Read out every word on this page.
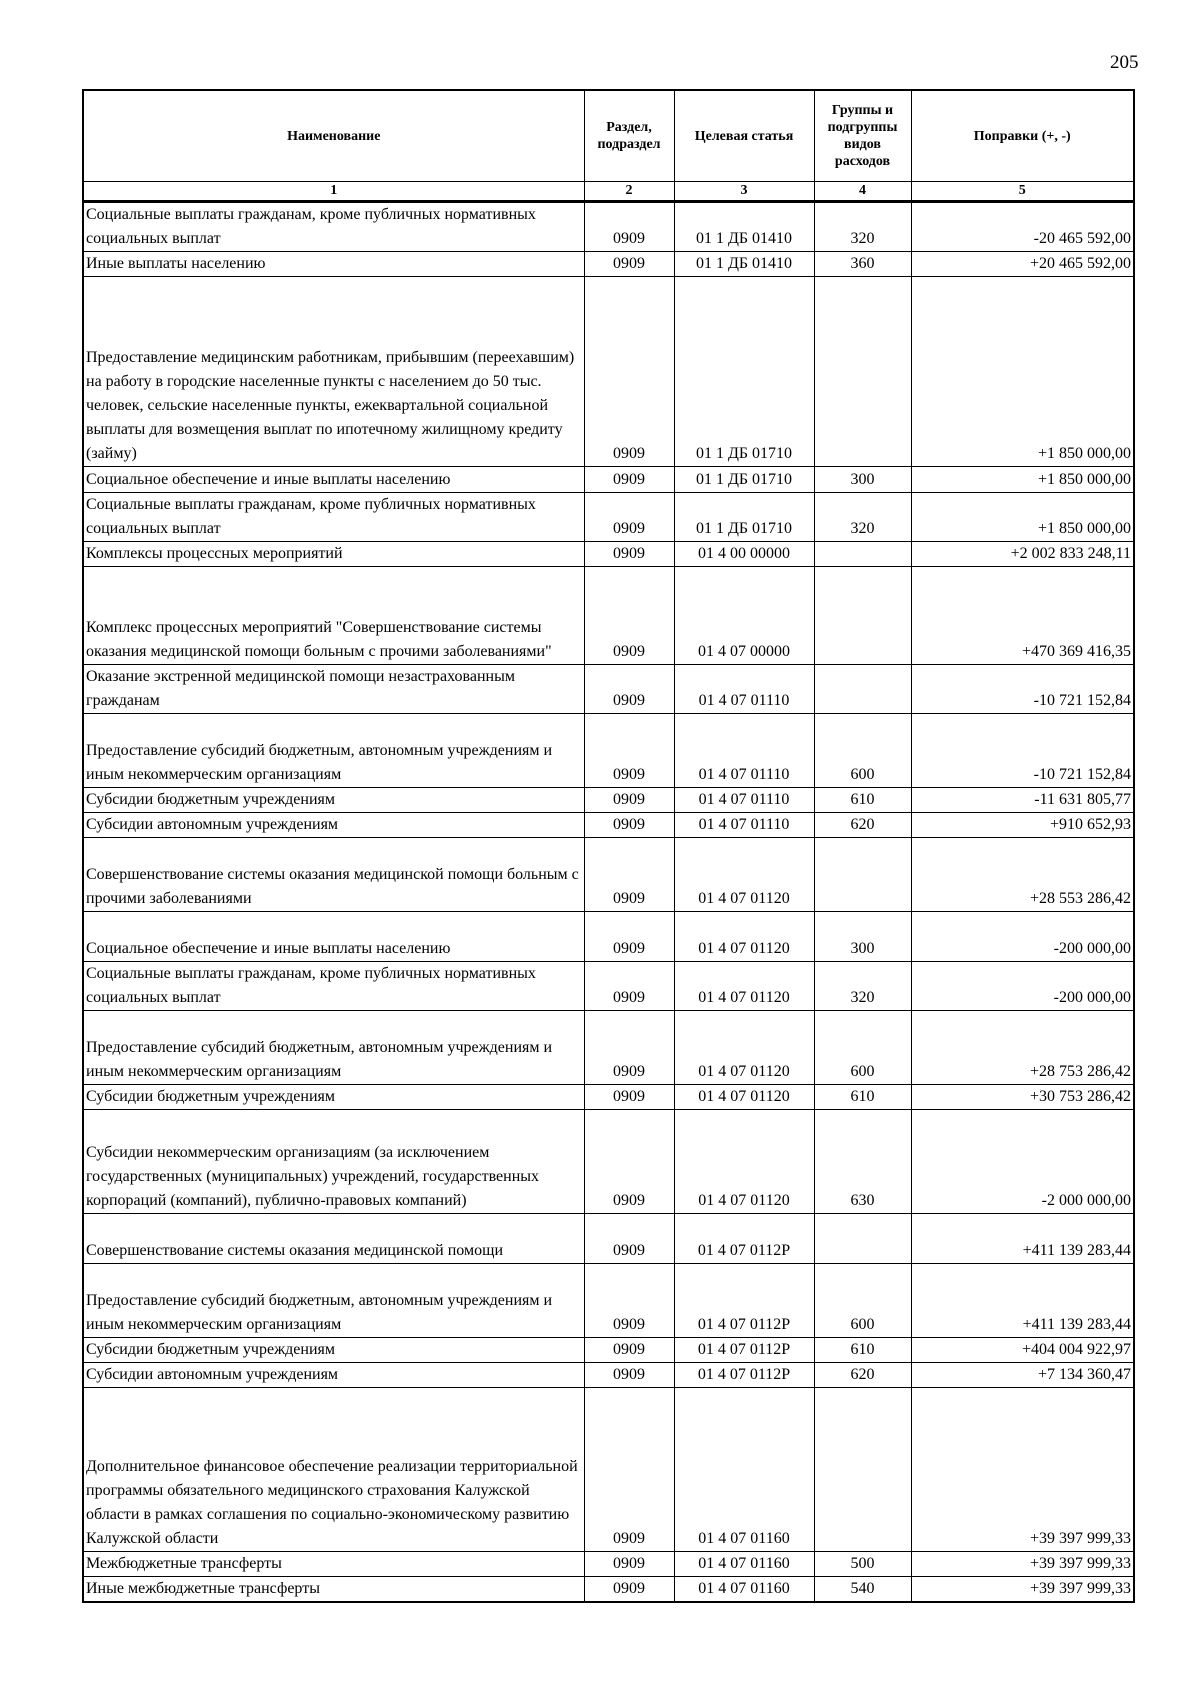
205
Наименование	Раздел, подраздел	Целевая статья	Группы и подгруппы видов расходов	Поправки (+, -)
1	2	3	4	5
Социальные выплаты гражданам, кроме публичных нормативных социальных выплат	0909	01 1 ДБ 01410	320	-20 465 592,00
Иные выплаты населению	0909	01 1 ДБ 01410	360	+20 465 592,00
Предоставление медицинским работникам, прибывшим (переехавшим) на работу в городские населенные пункты с населением до 50 тыс. человек, сельские населенные пункты, ежеквартальной социальной выплаты для возмещения выплат по ипотечному жилищному кредиту (займу)	0909	01 1 ДБ 01710		+1 850 000,00
Социальное обеспечение и иные выплаты населению	0909	01 1 ДБ 01710	300	+1 850 000,00
Социальные выплаты гражданам, кроме публичных нормативных социальных выплат	0909	01 1 ДБ 01710	320	+1 850 000,00
Комплексы процессных мероприятий	0909	01 4 00 00000		+2 002 833 248,11
Комплекс процессных мероприятий "Совершенствование системы оказания медицинской помощи больным с прочими заболеваниями"	0909	01 4 07 00000		+470 369 416,35
Оказание экстренной медицинской помощи незастрахованным гражданам	0909	01 4 07 01110		-10 721 152,84
Предоставление субсидий бюджетным, автономным учреждениям и иным некоммерческим организациям	0909	01 4 07 01110	600	-10 721 152,84
Субсидии бюджетным учреждениям	0909	01 4 07 01110	610	-11 631 805,77
Субсидии автономным учреждениям	0909	01 4 07 01110	620	+910 652,93
Совершенствование системы оказания медицинской помощи больным с прочими заболеваниями	0909	01 4 07 01120		+28 553 286,42
Социальное обеспечение и иные выплаты населению	0909	01 4 07 01120	300	-200 000,00
Социальные выплаты гражданам, кроме публичных нормативных социальных выплат	0909	01 4 07 01120	320	-200 000,00
Предоставление субсидий бюджетным, автономным учреждениям и иным некоммерческим организациям	0909	01 4 07 01120	600	+28 753 286,42
Субсидии бюджетным учреждениям	0909	01 4 07 01120	610	+30 753 286,42
Субсидии некоммерческим организациям (за исключением государственных (муниципальных) учреждений, государственных корпораций (компаний), публично-правовых компаний)	0909	01 4 07 01120	630	-2 000 000,00
Совершенствование системы оказания медицинской помощи	0909	01 4 07 0112Р		+411 139 283,44
Предоставление субсидий бюджетным, автономным учреждениям и иным некоммерческим организациям	0909	01 4 07 0112Р	600	+411 139 283,44
Субсидии бюджетным учреждениям	0909	01 4 07 0112Р	610	+404 004 922,97
Субсидии автономным учреждениям	0909	01 4 07 0112Р	620	+7 134 360,47
Дополнительное финансовое обеспечение реализации территориальной программы обязательного медицинского страхования Калужской области в рамках соглашения по социально-экономическому развитию Калужской области	0909	01 4 07 01160		+39 397 999,33
Межбюджетные трансферты	0909	01 4 07 01160	500	+39 397 999,33
Иные межбюджетные трансферты	0909	01 4 07 01160	540	+39 397 999,33
